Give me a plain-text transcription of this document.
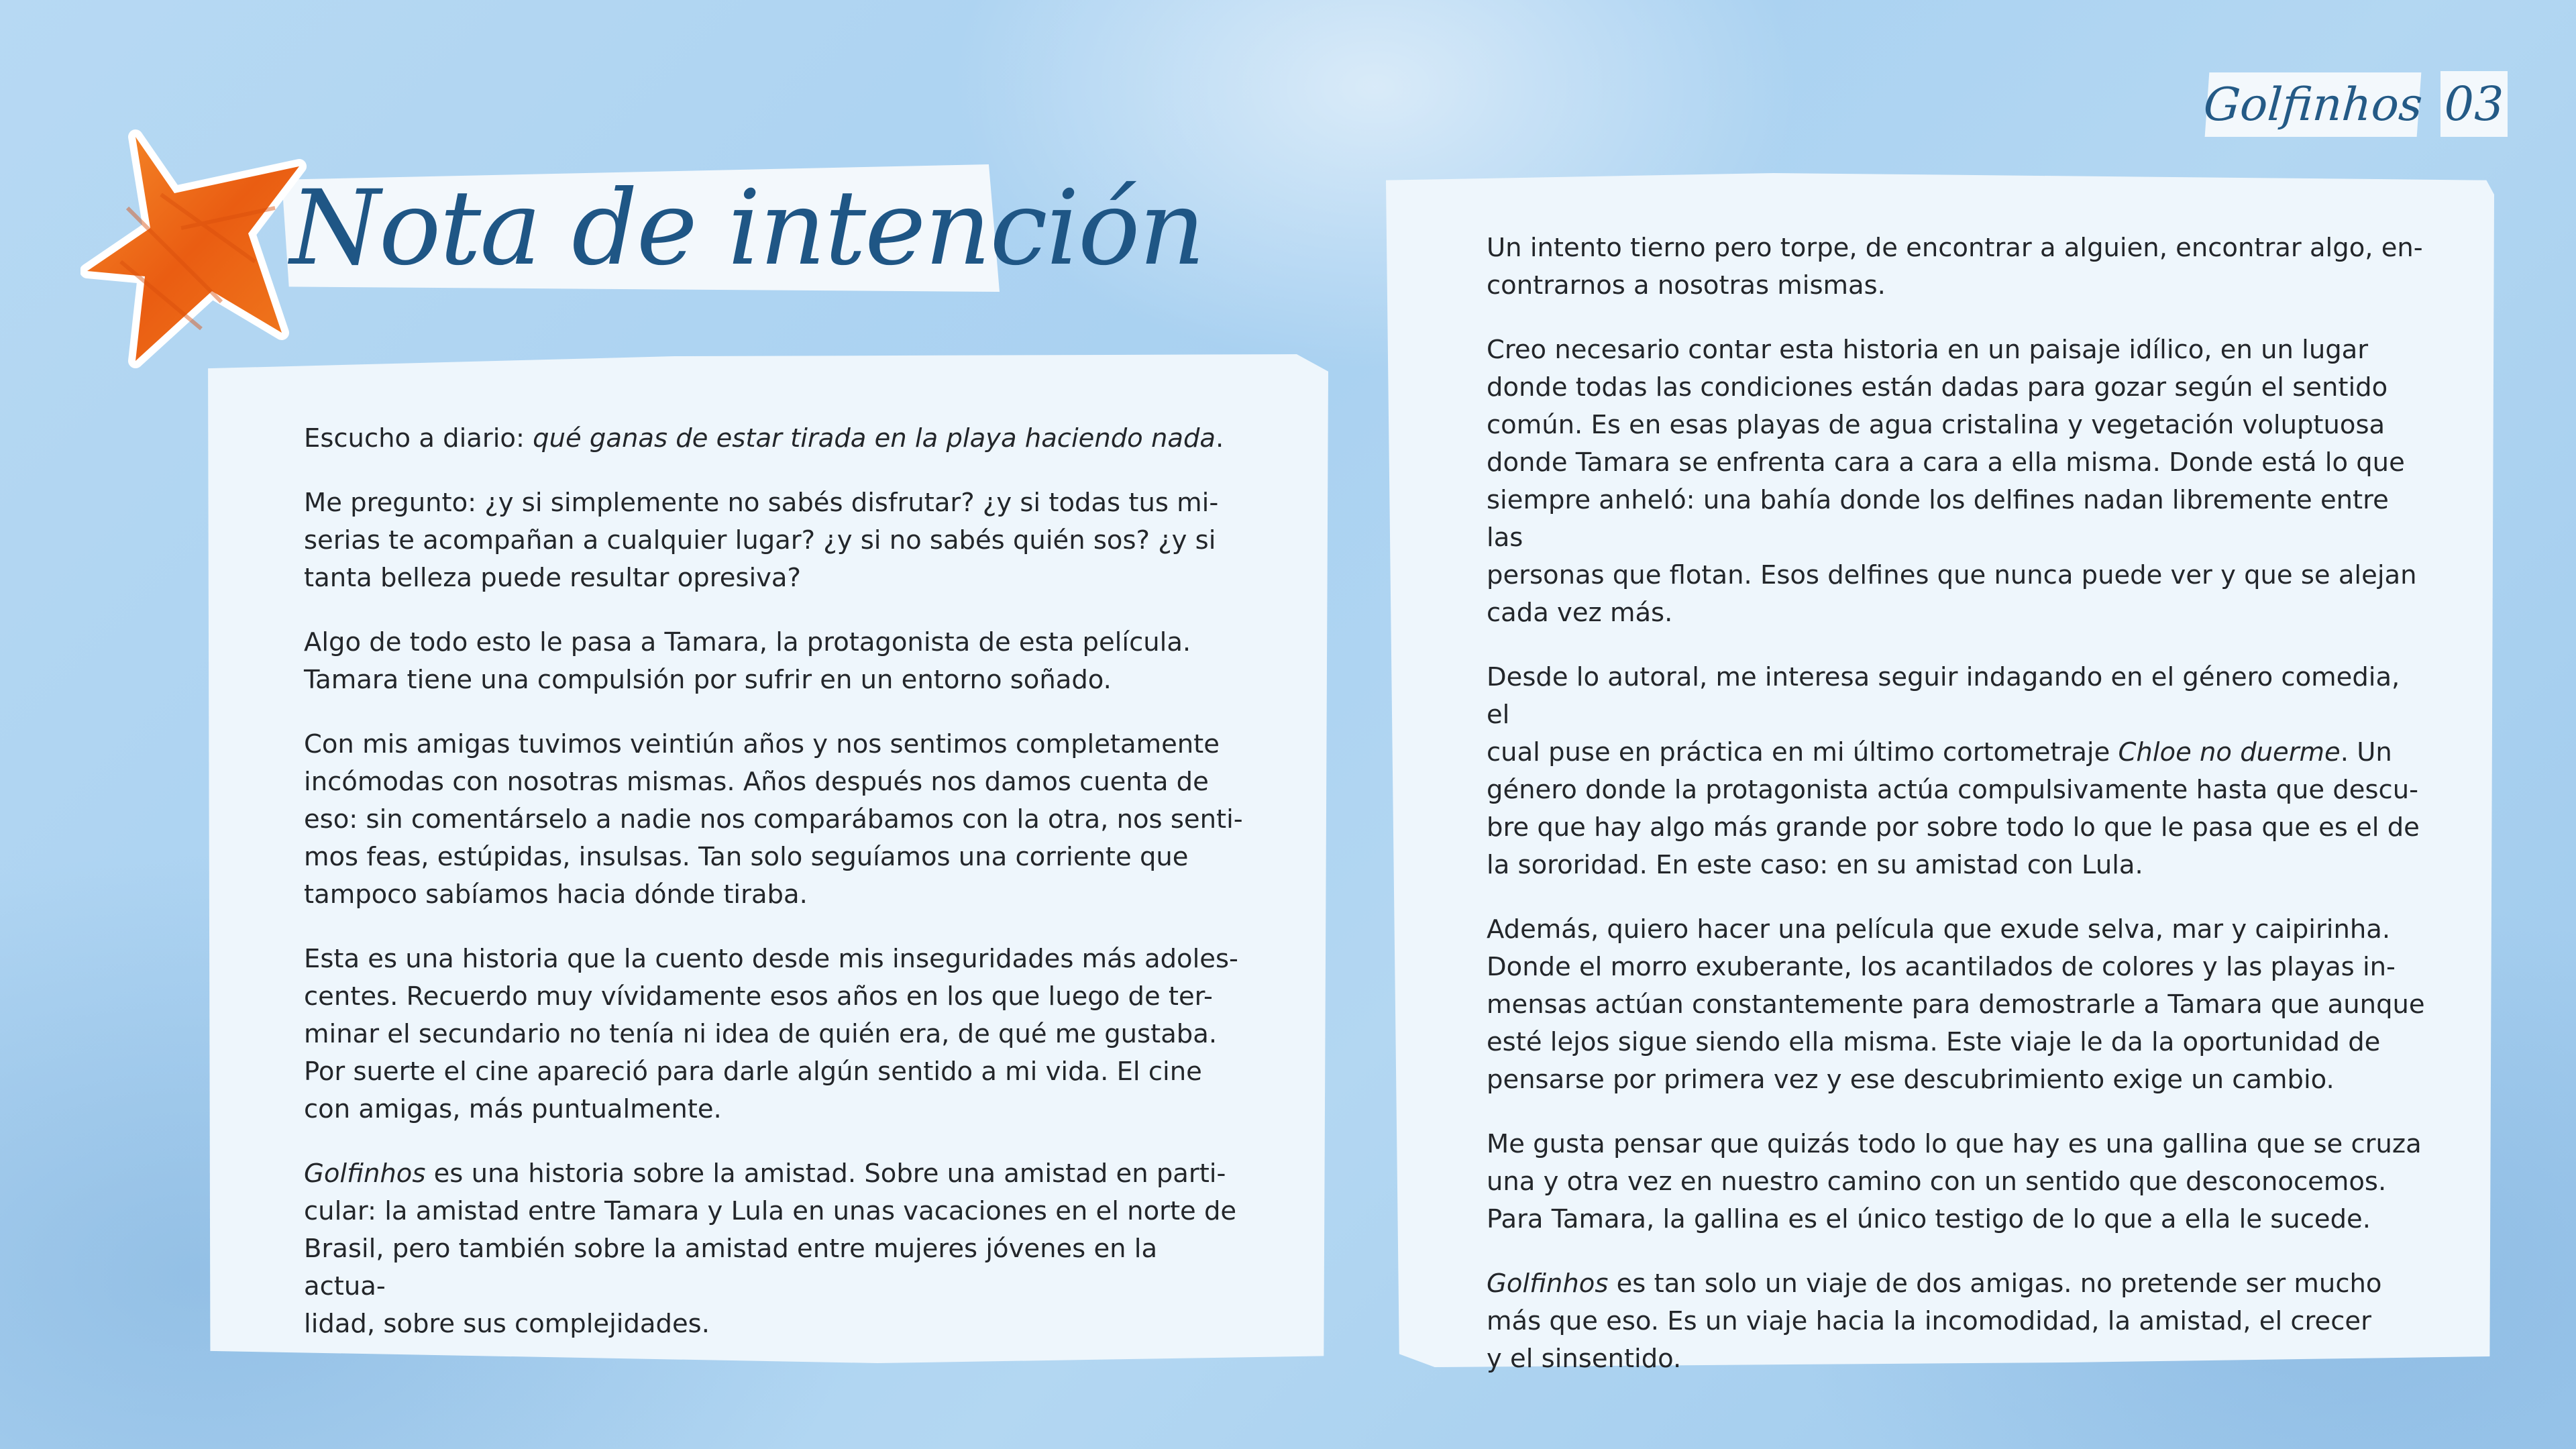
Golfinhos 03
Nota de intención

Escucho a diario: qué ganas de estar tirada en la playa haciendo nada.

Me pregunto: ¿y si simplemente no sabés disfrutar? ¿y si todas tus mi-
serias te acompañan a cualquier lugar? ¿y si no sabés quién sos? ¿y si
tanta belleza puede resultar opresiva?

Algo de todo esto le pasa a Tamara, la protagonista de esta película.
Tamara tiene una compulsión por sufrir en un entorno soñado.

Con mis amigas tuvimos veintiún años y nos sentimos completamente
incómodas con nosotras mismas. Años después nos damos cuenta de
eso: sin comentárselo a nadie nos comparábamos con la otra, nos senti-
mos feas, estúpidas, insulsas. Tan solo seguíamos una corriente que
tampoco sabíamos hacia dónde tiraba.

Esta es una historia que la cuento desde mis inseguridades más adoles-
centes. Recuerdo muy vívidamente esos años en los que luego de ter-
minar el secundario no tenía ni idea de quién era, de qué me gustaba.
Por suerte el cine apareció para darle algún sentido a mi vida. El cine
con amigas, más puntualmente.

Golfinhos es una historia sobre la amistad. Sobre una amistad en parti-
cular: la amistad entre Tamara y Lula en unas vacaciones en el norte de
Brasil, pero también sobre la amistad entre mujeres jóvenes en la actua-
lidad, sobre sus complejidades.

Un intento tierno pero torpe, de encontrar a alguien, encontrar algo, en-
contrarnos a nosotras mismas.

Creo necesario contar esta historia en un paisaje idílico, en un lugar
donde todas las condiciones están dadas para gozar según el sentido
común. Es en esas playas de agua cristalina y vegetación voluptuosa
donde Tamara se enfrenta cara a cara a ella misma. Donde está lo que
siempre anheló: una bahía donde los delfines nadan libremente entre las
personas que flotan. Esos delfines que nunca puede ver y que se alejan
cada vez más.

Desde lo autoral, me interesa seguir indagando en el género comedia, el
cual puse en práctica en mi último cortometraje Chloe no duerme. Un
género donde la protagonista actúa compulsivamente hasta que descu-
bre que hay algo más grande por sobre todo lo que le pasa que es el de
la sororidad. En este caso: en su amistad con Lula.

Además, quiero hacer una película que exude selva, mar y caipirinha.
Donde el morro exuberante, los acantilados de colores y las playas in-
mensas actúan constantemente para demostrarle a Tamara que aunque
esté lejos sigue siendo ella misma. Este viaje le da la oportunidad de
pensarse por primera vez y ese descubrimiento exige un cambio.

Me gusta pensar que quizás todo lo que hay es una gallina que se cruza
una y otra vez en nuestro camino con un sentido que desconocemos.
Para Tamara, la gallina es el único testigo de lo que a ella le sucede.

Golfinhos es tan solo un viaje de dos amigas. no pretende ser mucho
más que eso. Es un viaje hacia la incomodidad, la amistad, el crecer
y el sinsentido.
